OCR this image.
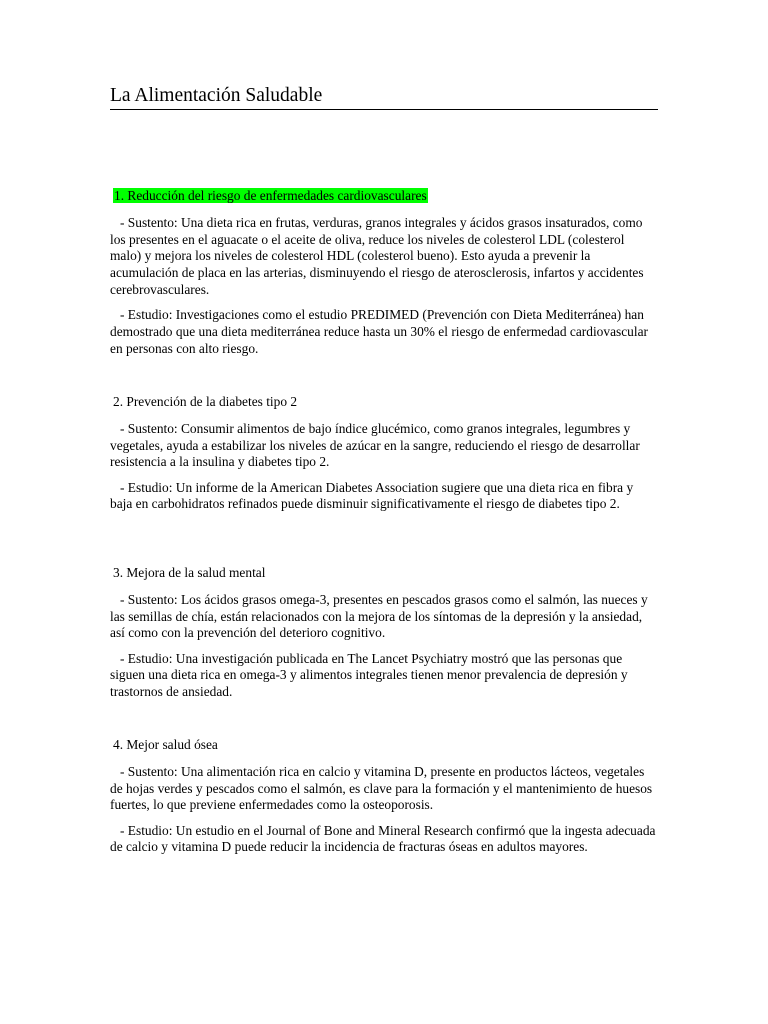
La Alimentación Saludable
1. Reducción del riesgo de enfermedades cardiovasculares

- Sustento: Una dieta rica en frutas, verduras, granos integrales y ácidos grasos insaturados, como los presentes en el aguacate o el aceite de oliva, reduce los niveles de colesterol LDL (colesterol malo) y mejora los niveles de colesterol HDL (colesterol bueno). Esto ayuda a prevenir la acumulación de placa en las arterias, disminuyendo el riesgo de aterosclerosis, infartos y accidentes cerebrovasculares.

- Estudio: Investigaciones como el estudio PREDIMED (Prevención con Dieta Mediterránea) han demostrado que una dieta mediterránea reduce hasta un 30% el riesgo de enfermedad cardiovascular en personas con alto riesgo.

2. Prevención de la diabetes tipo 2

- Sustento: Consumir alimentos de bajo índice glucémico, como granos integrales, legumbres y vegetales, ayuda a estabilizar los niveles de azúcar en la sangre, reduciendo el riesgo de desarrollar resistencia a la insulina y diabetes tipo 2.

- Estudio: Un informe de la American Diabetes Association sugiere que una dieta rica en fibra y baja en carbohidratos refinados puede disminuir significativamente el riesgo de diabetes tipo 2.

3. Mejora de la salud mental

- Sustento: Los ácidos grasos omega-3, presentes en pescados grasos como el salmón, las nueces y las semillas de chía, están relacionados con la mejora de los síntomas de la depresión y la ansiedad, así como con la prevención del deterioro cognitivo.

- Estudio: Una investigación publicada en The Lancet Psychiatry mostró que las personas que siguen una dieta rica en omega-3 y alimentos integrales tienen menor prevalencia de depresión y trastornos de ansiedad.

4. Mejor salud ósea

- Sustento: Una alimentación rica en calcio y vitamina D, presente en productos lácteos, vegetales de hojas verdes y pescados como el salmón, es clave para la formación y el mantenimiento de huesos fuertes, lo que previene enfermedades como la osteoporosis.

- Estudio: Un estudio en el Journal of Bone and Mineral Research confirmó que la ingesta adecuada de calcio y vitamina D puede reducir la incidencia de fracturas óseas en adultos mayores.
